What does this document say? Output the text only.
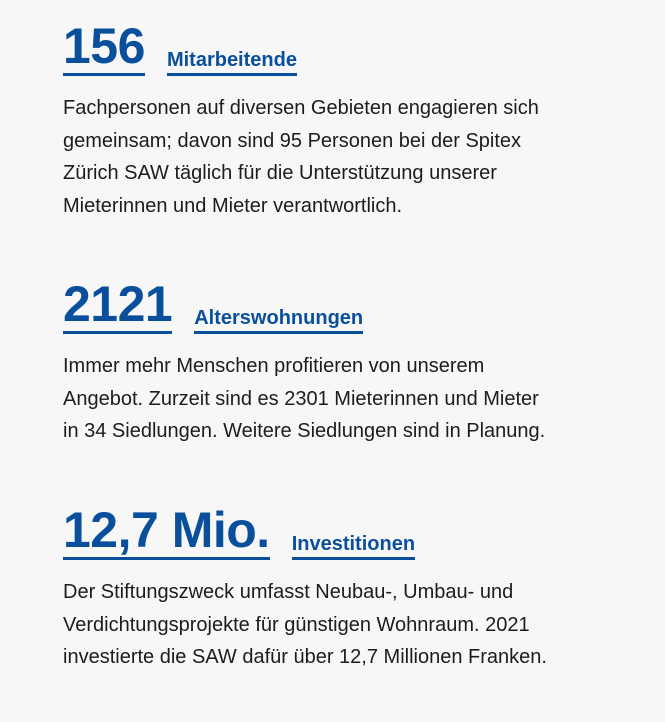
156 Mitarbeitende

Fachpersonen auf diversen Gebieten engagieren sich gemeinsam; davon sind 95 Personen bei der Spitex Zürich SAW täglich für die Unterstützung unserer Mieterinnen und Mieter verantwortlich.

2121 Alterswohnungen

Immer mehr Menschen profitieren von unserem Angebot. Zurzeit sind es 2301 Mieterinnen und Mieter in 34 Siedlungen. Weitere Siedlungen sind in Planung.

12,7 Mio. Investitionen

Der Stiftungszweck umfasst Neubau-, Umbau- und Verdichtungsprojekte für günstigen Wohnraum. 2021 investierte die SAW dafür über 12,7 Millionen Franken.
